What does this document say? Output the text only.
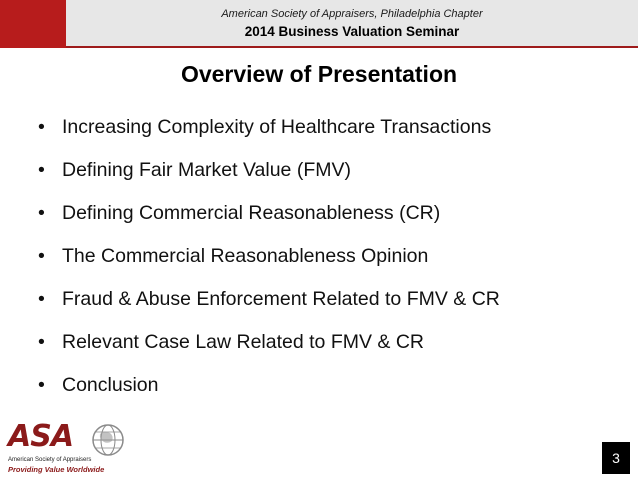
American Society of Appraisers, Philadelphia Chapter
2014 Business Valuation Seminar
Overview of Presentation
• Increasing Complexity of Healthcare Transactions
• Defining Fair Market Value (FMV)
• Defining Commercial Reasonableness (CR)
• The Commercial Reasonableness Opinion
• Fraud & Abuse Enforcement Related to FMV & CR
• Relevant Case Law Related to FMV & CR
• Conclusion
ASA
American Society of Appraisers
Providing Value Worldwide
3
